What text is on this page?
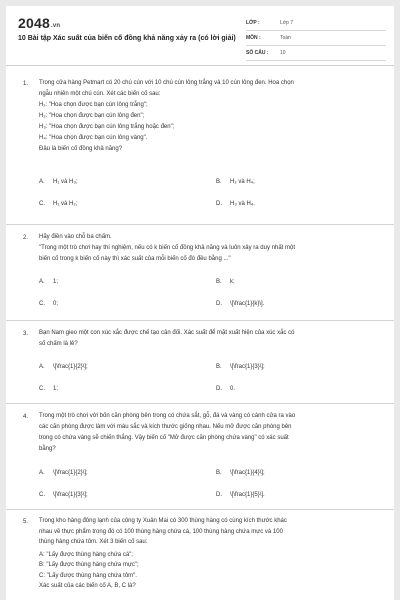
2048.vn
10 Bài tập Xác suất của biến cố đồng khả năng xảy ra (có lời giải)
LỚP :	Lớp 7
MÔN :	Toán
SỐ CÂU :	10
1. Trong cửa hàng Petmart có 20 chú cún với 10 chú cún lông trắng và 10 cún lông đen. Hoa chọn

ngẫu nhiên một chú cún. Xét các biến cố sau:

H₁: "Hoa chọn được bạn cún lông trắng";

H₂: "Hoa chọn được bạn cún lông đen";

H₃: "Hoa chọn được bạn cún lông trắng hoặc đen";

H₄: "Hoa chọn được bạn cún lông vàng".

Đâu là biến cố đồng khả năng?

A. H₁ và H₃;	B. H₂ và H₄;
C. H₁ và H₂;	D. H₃ và H₄.
2. Hãy điền vào chỗ ba chấm.

"Trong một trò chơi hay thí nghiệm, nếu có k biến cố đồng khả năng và luôn xảy ra duy nhất một

biến cố trong k biến cố này thì xác suất của mỗi biến cố đó đều bằng ..."

A. 1;	B. k;
C. 0;	D. \[\frac{1}{k}\].
3. Bạn Nam gieo một con xúc xắc được chế tạo cân đối. Xác suất để mặt xuất hiện của xúc xắc có

số chấm là lẻ?

A. \[\frac{1}{2}\];	B. \[\frac{1}{3}\];
C. 1;	D. 0.
4. Trong một trò chơi với bốn căn phòng bên trong có chứa sắt, gỗ, đá và vàng có cánh cửa ra vào

các căn phòng được làm với màu sắc và kích thước giống nhau. Nếu mở được căn phòng bên

trong có chứa vàng sẽ chiến thắng. Vậy biến cố "Mở được căn phòng chứa vàng" có xác suất

bằng?

A. \[\frac{1}{2}\];	B. \[\frac{1}{4}\];
C. \[\frac{1}{3}\];	D. \[\frac{1}{5}\].
5. Trong kho hàng đông lạnh của công ty Xuân Mai có 300 thùng hàng có cùng kích thước khác

nhau về thực phẩm trong đó có 100 thùng hàng chứa cá, 100 thùng hàng chứa mực và 100

thùng hàng chứa tôm. Xét 3 biến cố sau:

A: "Lấy được thùng hàng chứa cá";

B: "Lấy được thùng hàng chứa mực";

C: "Lấy được thùng hàng chứa tôm".

Xác suất của các biến cố A, B, C là?
